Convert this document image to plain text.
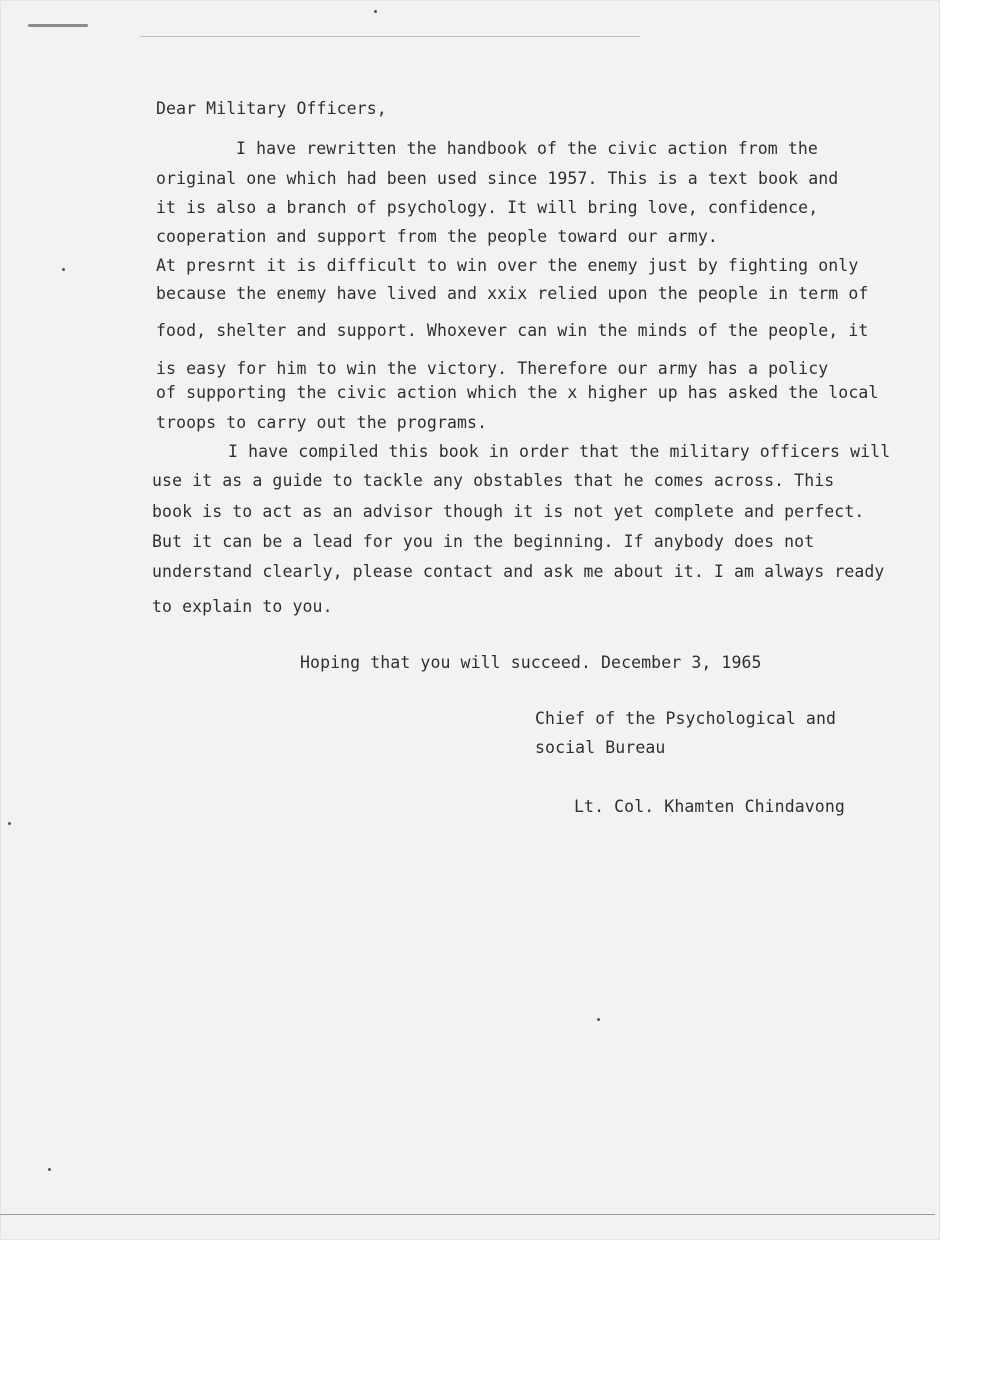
Dear Military Officers,
I have rewritten the handbook of the civic action from the
original one which had been used since 1957. This is a text book and
it is also a branch of psychology. It will bring love, confidence,
cooperation and support from the people toward our army.
At presrnt it is difficult to win over the enemy just by fighting only
because the enemy have lived and xxix relied upon the people in term of
food, shelter and support. Whoxever can win the minds of the people, it
is easy for him to win the victory. Therefore our army has a policy
of supporting the civic action which the x higher up has asked the local
troops to carry out the programs.
I have compiled this book in order that the military officers will
use it as a guide to tackle any obstables that he comes across. This
book is to act as an advisor though it is not yet complete and perfect.
But it can be a lead for you in the beginning. If anybody does not
understand clearly, please contact and ask me about it. I am always ready
to explain to you.
Hoping that you will succeed. December 3, 1965
Chief of the Psychological and
social Bureau
Lt. Col. Khamten Chindavong
